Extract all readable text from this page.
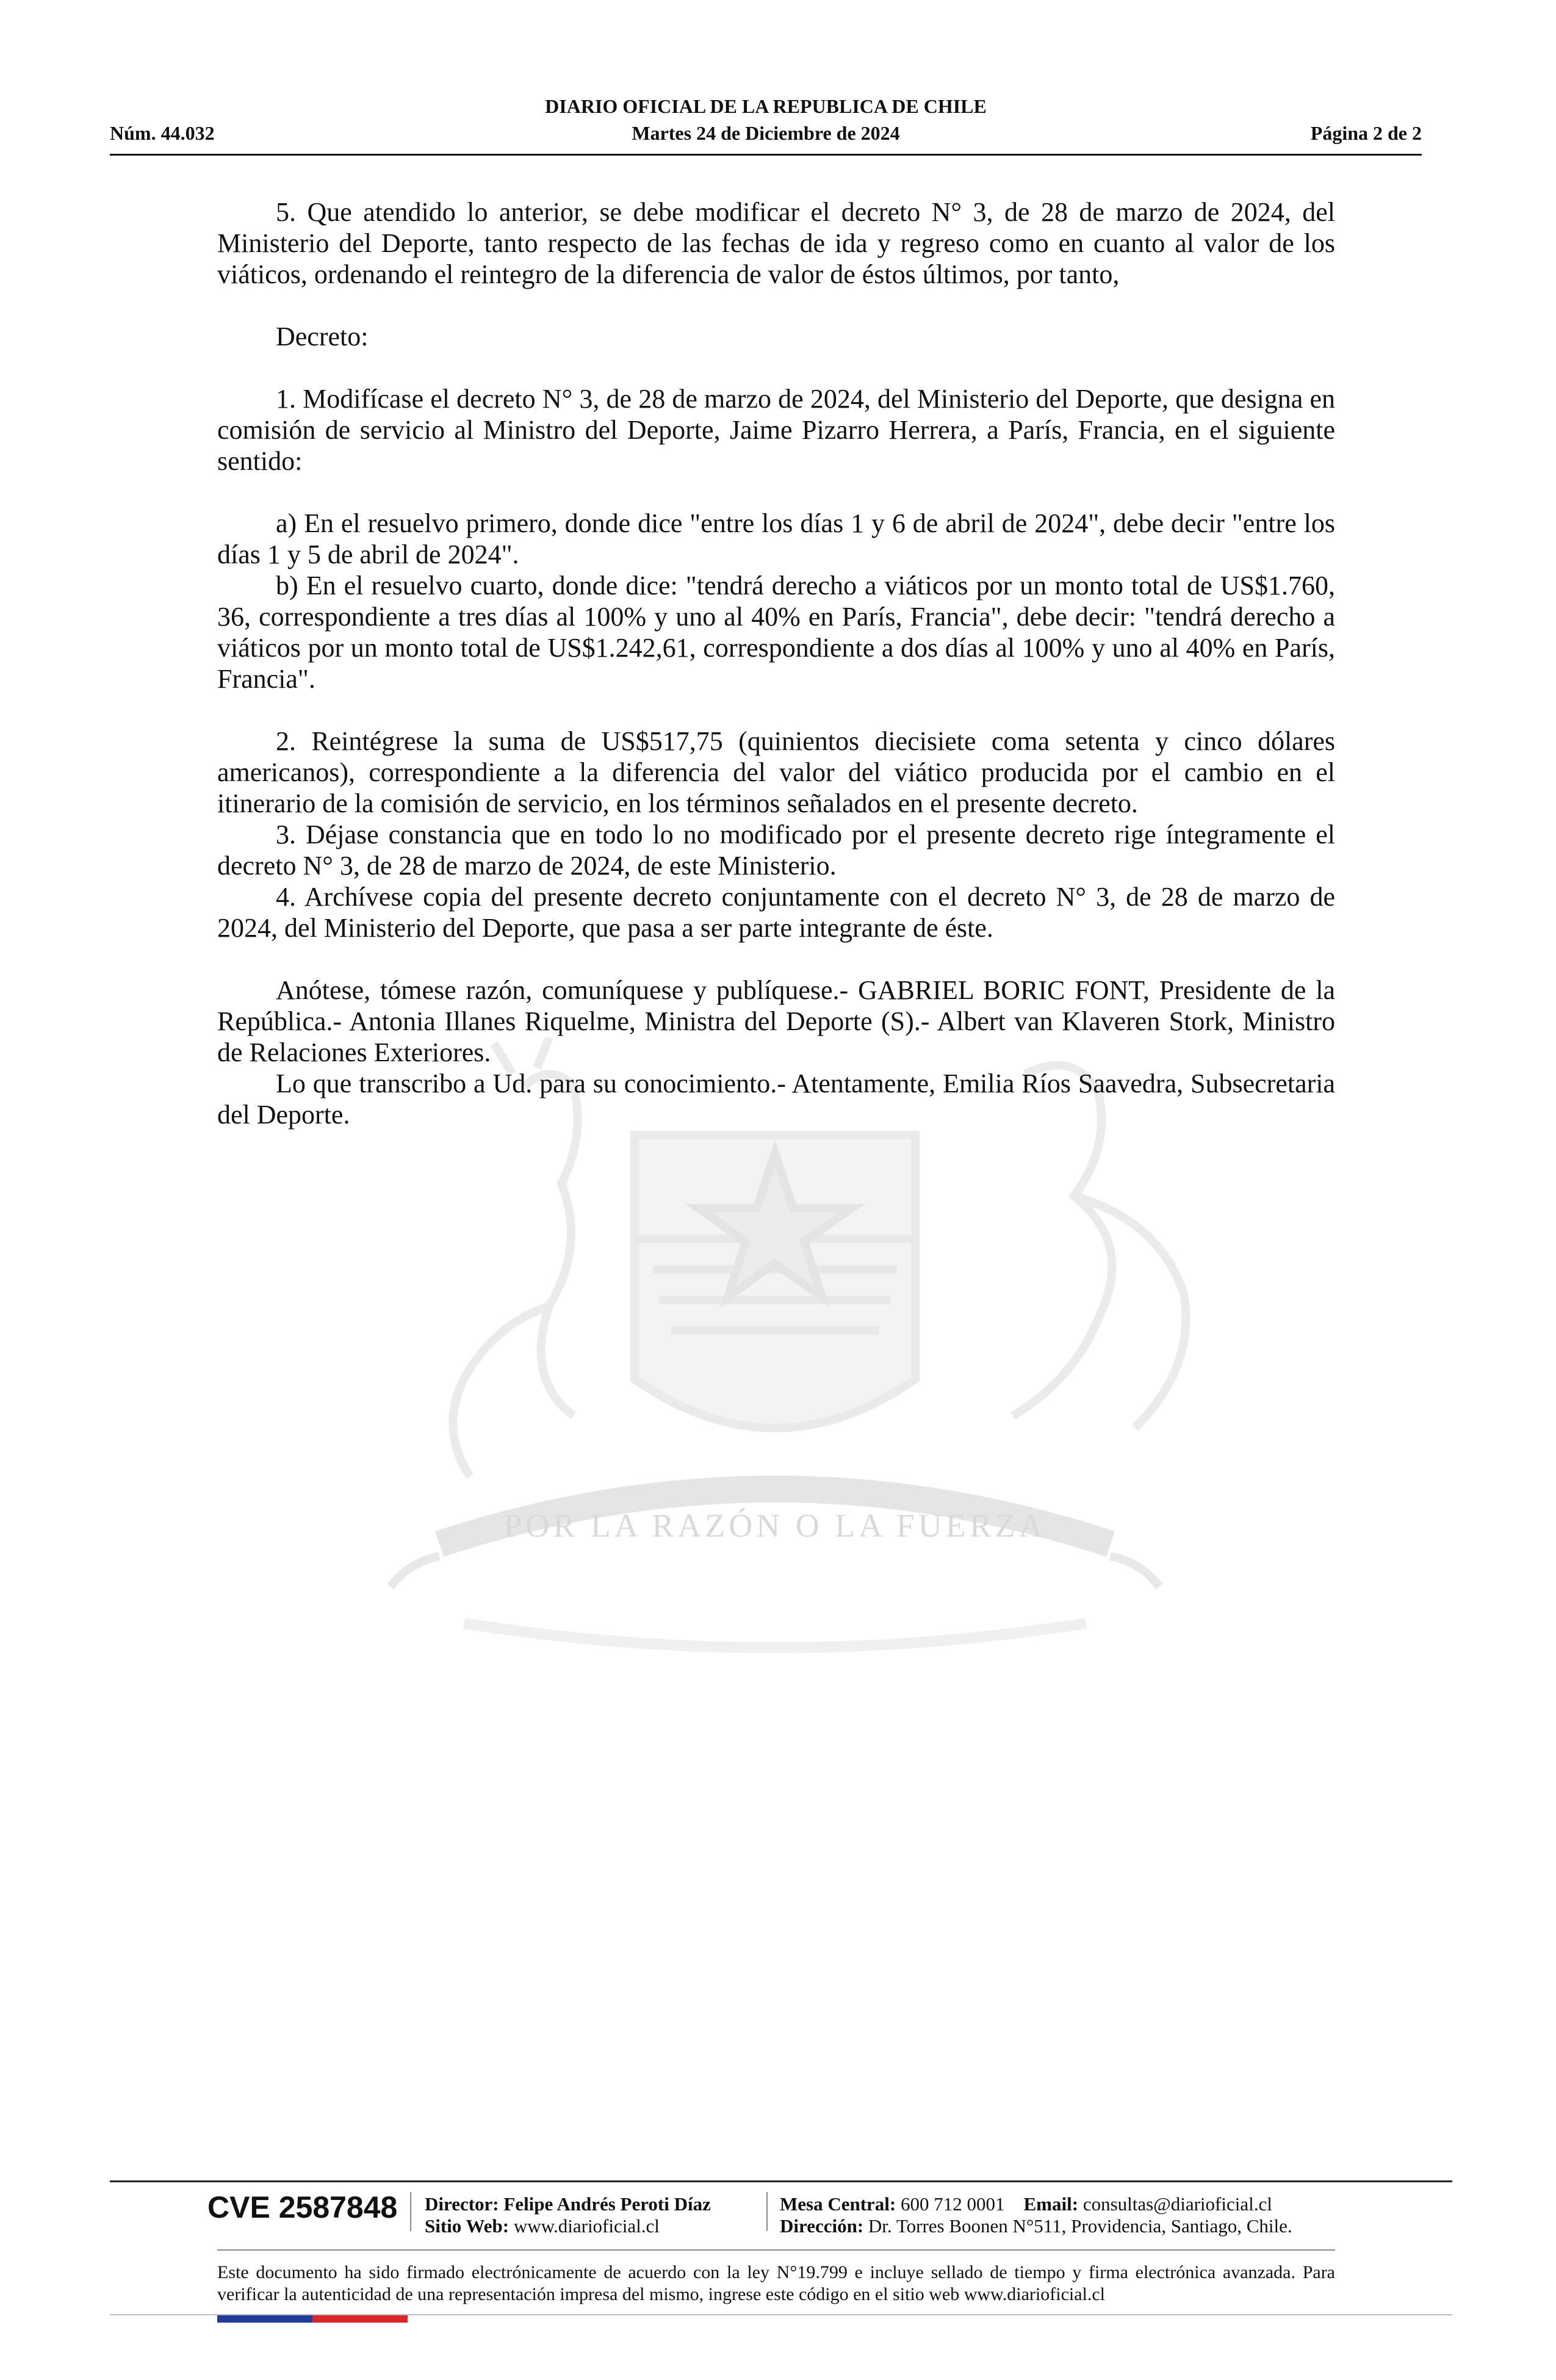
Núm. 44.032
DIARIO OFICIAL DE LA REPUBLICA DE CHILE
Martes 24 de Diciembre de 2024	Página 2 de 2
POR LA RAZÓN O LA FUERZA

5. Que atendido lo anterior, se debe modificar el decreto N° 3, de 28 de marzo de 2024, del Ministerio del Deporte, tanto respecto de las fechas de ida y regreso como en cuanto al valor de los viáticos, ordenando el reintegro de la diferencia de valor de éstos últimos, por tanto,

Decreto:

1. Modifícase el decreto N° 3, de 28 de marzo de 2024, del Ministerio del Deporte, que designa en comisión de servicio al Ministro del Deporte, Jaime Pizarro Herrera, a París, Francia, en el siguiente sentido:

a) En el resuelvo primero, donde dice "entre los días 1 y 6 de abril de 2024", debe decir "entre los días 1 y 5 de abril de 2024".

b) En el resuelvo cuarto, donde dice: "tendrá derecho a viáticos por un monto total de US$1.760, 36, correspondiente a tres días al 100% y uno al 40% en París, Francia", debe decir: "tendrá derecho a viáticos por un monto total de US$1.242,61, correspondiente a dos días al 100% y uno al 40% en París, Francia".

2. Reintégrese la suma de US$517,75 (quinientos diecisiete coma setenta y cinco dólares americanos), correspondiente a la diferencia del valor del viático producida por el cambio en el itinerario de la comisión de servicio, en los términos señalados en el presente decreto.

3. Déjase constancia que en todo lo no modificado por el presente decreto rige íntegramente el decreto N° 3, de 28 de marzo de 2024, de este Ministerio.

4. Archívese copia del presente decreto conjuntamente con el decreto N° 3, de 28 de marzo de 2024, del Ministerio del Deporte, que pasa a ser parte integrante de éste.

Anótese, tómese razón, comuníquese y publíquese.- GABRIEL BORIC FONT, Presidente de la República.- Antonia Illanes Riquelme, Ministra del Deporte (S).- Albert van Klaveren Stork, Ministro de Relaciones Exteriores.

Lo que transcribo a Ud. para su conocimiento.- Atentamente, Emilia Ríos Saavedra, Subsecretaria del Deporte.

CVE 2587848 Director: Felipe Andrés Peroti Díaz
Sitio Web: www.diarioficial.cl
Mesa Central: 600 712 0001 Email: consultas@diarioficial.cl
Dirección: Dr. Torres Boonen N°511, Providencia, Santiago, Chile.
Este documento ha sido firmado electrónicamente de acuerdo con la ley N°19.799 e incluye sellado de tiempo y firma electrónica avanzada. Para verificar la autenticidad de una representación impresa del mismo, ingrese este código en el sitio web www.diarioficial.cl
